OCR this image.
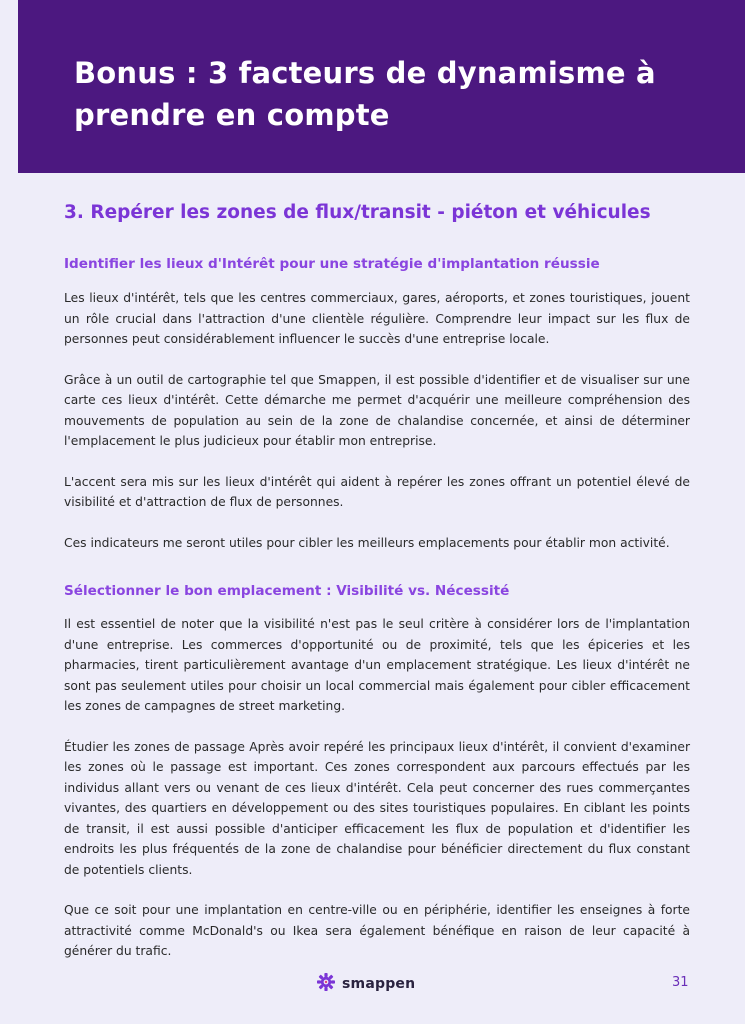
Bonus : 3 facteurs de dynamisme à prendre en compte
3. Repérer les zones de flux/transit - piéton et véhicules
Identifier les lieux d'Intérêt pour une stratégie d'implantation réussie

Les lieux d'intérêt, tels que les centres commerciaux, gares, aéroports, et zones touristiques, jouent un rôle crucial dans l'attraction d'une clientèle régulière. Comprendre leur impact sur les flux de personnes peut considérablement influencer le succès d'une entreprise locale.

Grâce à un outil de cartographie tel que Smappen, il est possible d'identifier et de visualiser sur une carte ces lieux d'intérêt. Cette démarche me permet d'acquérir une meilleure compréhension des mouvements de population au sein de la zone de chalandise concernée, et ainsi de déterminer l'emplacement le plus judicieux pour établir mon entreprise.

L'accent sera mis sur les lieux d'intérêt qui aident à repérer les zones offrant un potentiel élevé de visibilité et d'attraction de flux de personnes.

Ces indicateurs me seront utiles pour cibler les meilleurs emplacements pour établir mon activité.

Sélectionner le bon emplacement : Visibilité vs. Nécessité

Il est essentiel de noter que la visibilité n'est pas le seul critère à considérer lors de l'implantation d'une entreprise. Les commerces d'opportunité ou de proximité, tels que les épiceries et les pharmacies, tirent particulièrement avantage d'un emplacement stratégique. Les lieux d'intérêt ne sont pas seulement utiles pour choisir un local commercial mais également pour cibler efficacement les zones de campagnes de street marketing.

Étudier les zones de passage Après avoir repéré les principaux lieux d'intérêt, il convient d'examiner les zones où le passage est important. Ces zones correspondent aux parcours effectués par les individus allant vers ou venant de ces lieux d'intérêt. Cela peut concerner des rues commerçantes vivantes, des quartiers en développement ou des sites touristiques populaires. En ciblant les points de transit, il est aussi possible d'anticiper efficacement les flux de population et d'identifier les endroits les plus fréquentés de la zone de chalandise pour bénéficier directement du flux constant de potentiels clients.

Que ce soit pour une implantation en centre-ville ou en périphérie, identifier les enseignes à forte attractivité comme McDonald's ou Ikea sera également bénéfique en raison de leur capacité à générer du trafic.

smappen	31
